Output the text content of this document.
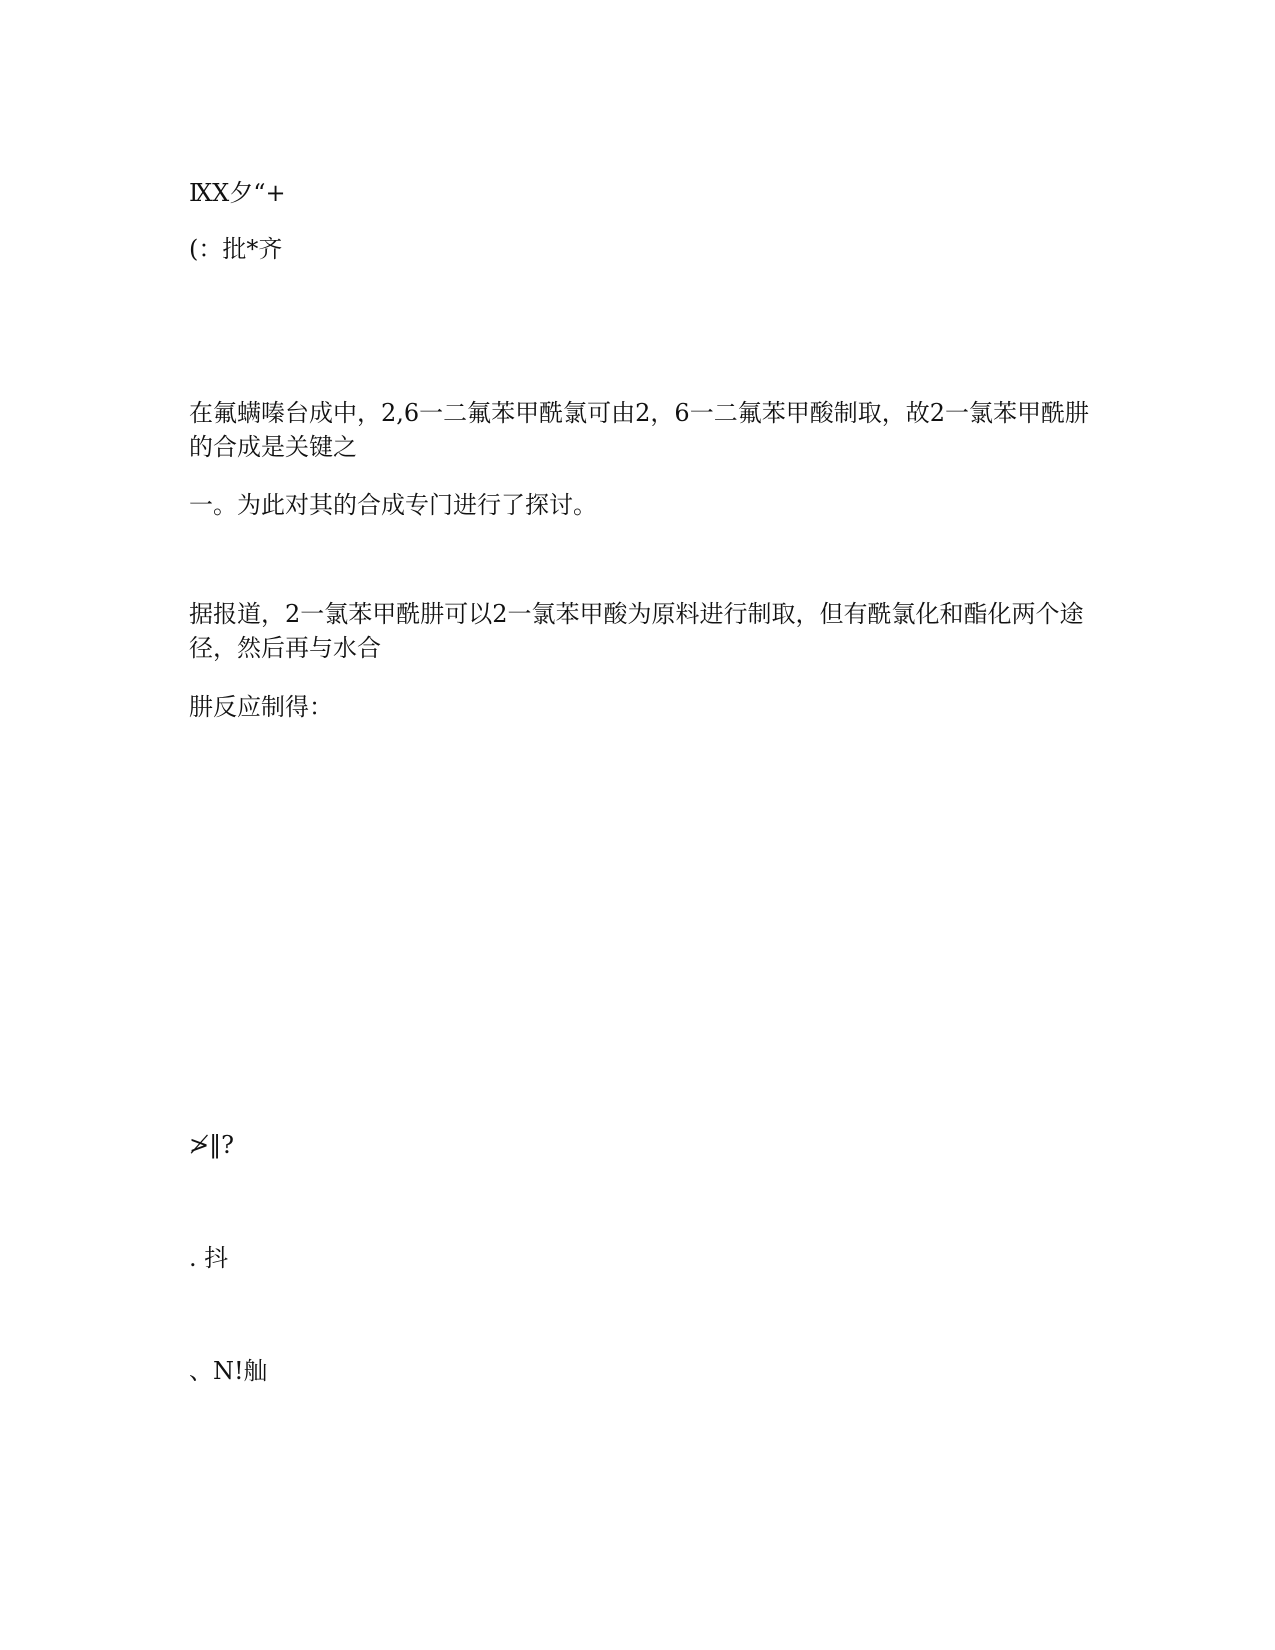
ⅨⅩ夕“+
(：批*齐
在氟螨嗪台成中，2,6一二氟苯甲酰氯可由2，6一二氟苯甲酸制取，故2一氯苯甲酰肼的合成是关键之
一。为此对其的合成专门进行了探讨。
据报道，2一氯苯甲酰肼可以2一氯苯甲酸为原料进行制取，但有酰氯化和酯化两个途径，然后再与水合
肼反应制得：
≯‖?
. 抖
、N!舢
